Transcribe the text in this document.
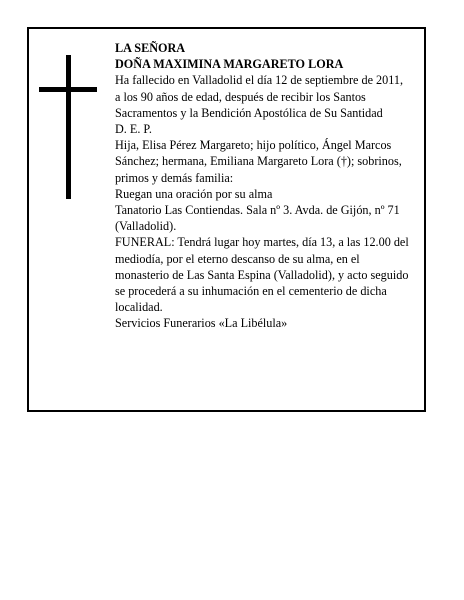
LA SEÑORA

DOÑA MAXIMINA MARGARETO LORA

Ha fallecido en Valladolid el día 12 de septiembre de 2011, a los 90 años de edad, después de recibir los Santos Sacramentos y la Bendición Apostólica de Su Santidad

D. E. P.

Hija, Elisa Pérez Margareto; hijo político, Ángel Marcos Sánchez; hermana, Emiliana Margareto Lora (†); sobrinos, primos y demás familia:

Ruegan una oración por su alma

Tanatorio Las Contiendas. Sala nº 3. Avda. de Gijón, nº 71 (Valladolid).

FUNERAL: Tendrá lugar hoy martes, día 13, a las 12.00 del mediodía, por el eterno descanso de su alma, en el monasterio de Las Santa Espina (Valladolid), y acto seguido se procederá a su inhumación en el cementerio de dicha localidad.

Servicios Funerarios «La Libélula»
